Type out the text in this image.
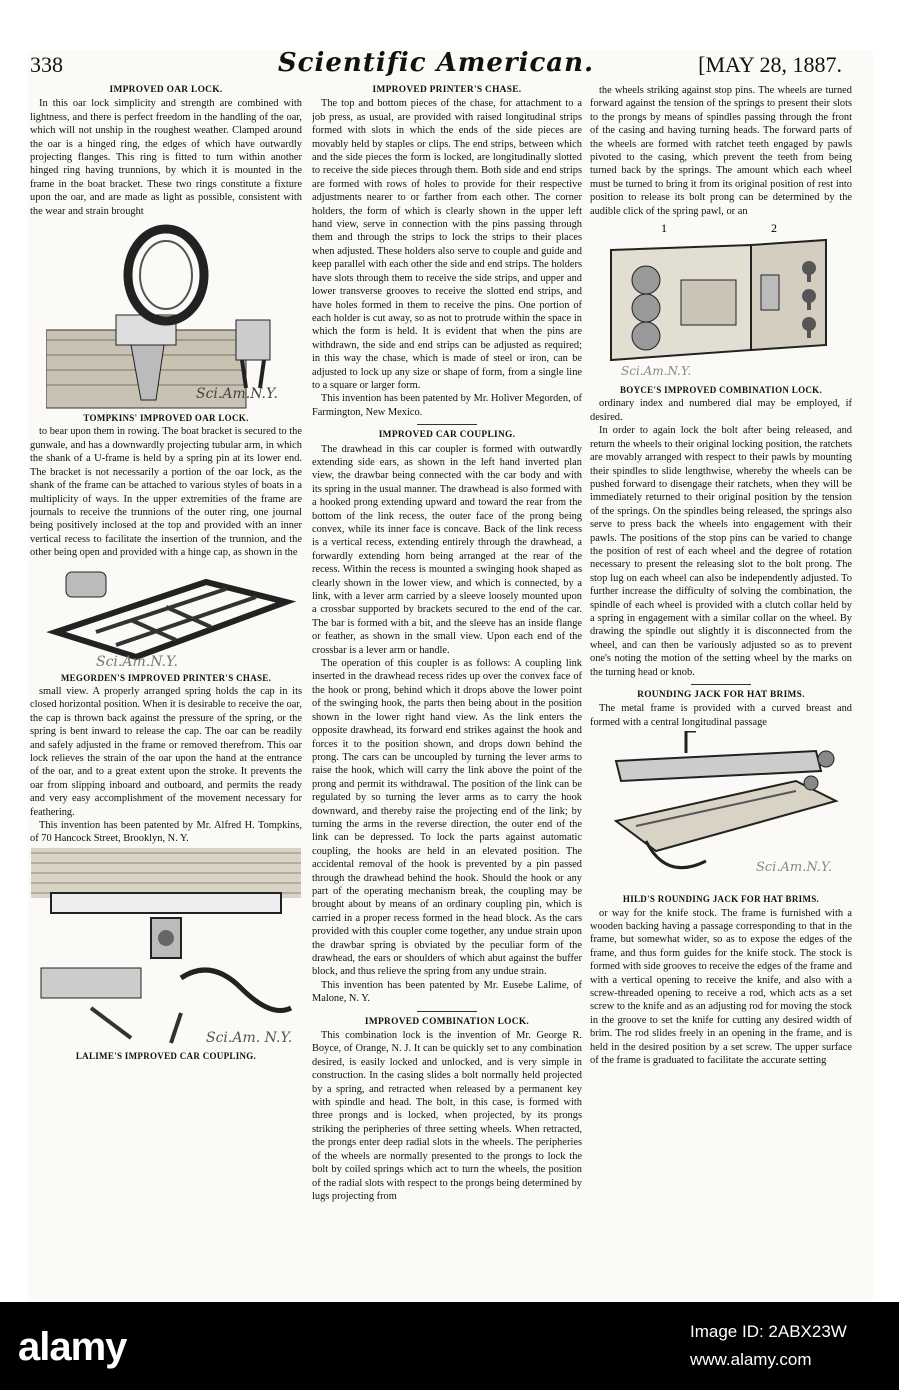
338	Scientific American.	[MAY 28, 1887.

IMPROVED OAR LOCK.

In this oar lock simplicity and strength are combined with lightness, and there is perfect freedom in the handling of the oar, which will not unship in the roughest weather. Clamped around the oar is a hinged ring, the edges of which have outwardly projecting flanges. This ring is fitted to turn within another hinged ring having trunnions, by which it is mounted in the frame in the boat bracket. These two rings constitute a fixture upon the oar, and are made as light as possible, consistent with the wear and strain brought

Sci.Am.N.Y.

TOMPKINS' IMPROVED OAR LOCK.

to bear upon them in rowing. The boat bracket is secured to the gunwale, and has a downwardly projecting tubular arm, in which the shank of a U-frame is held by a spring pin at its lower end. The bracket is not necessarily a portion of the oar lock, as the shank of the frame can be attached to various styles of boats in a multiplicity of ways. In the upper extremities of the frame are journals to receive the trunnions of the outer ring, one journal being positively inclosed at the top and provided with an inner vertical recess to facilitate the insertion of the trunnion, and the other being open and provided with a hinge cap, as shown in the

Sci.Am.N.Y.

MEGORDEN'S IMPROVED PRINTER'S CHASE.

small view. A properly arranged spring holds the cap in its closed horizontal position. When it is desirable to receive the oar, the cap is thrown back against the pressure of the spring, or the spring is bent inward to release the cap. The oar can be readily and safely adjusted in the frame or removed therefrom. This oar lock relieves the strain of the oar upon the hand at the entrance of the oar, and to a great extent upon the stroke. It prevents the oar from slipping inboard and outboard, and permits the ready and very easy accomplishment of the movement necessary for feathering.

This invention has been patented by Mr. Alfred H. Tompkins, of 70 Hancock Street, Brooklyn, N. Y.

Sci.Am. N.Y.

LALIME'S IMPROVED CAR COUPLING.

IMPROVED PRINTER'S CHASE.

The top and bottom pieces of the chase, for attachment to a job press, as usual, are provided with raised longitudinal strips formed with slots in which the ends of the side pieces are movably held by staples or clips. The end strips, between which and the side pieces the form is locked, are longitudinally slotted to receive the side pieces through them. Both side and end strips are formed with rows of holes to provide for their respective adjustments nearer to or farther from each other. The corner holders, the form of which is clearly shown in the upper left hand view, serve in connection with the pins passing through them and through the strips to lock the strips to their places when adjusted. These holders also serve to couple and guide and keep parallel with each other the side and end strips. The holders have slots through them to receive the side strips, and upper and lower transverse grooves to receive the slotted end strips, and have holes formed in them to receive the pins. One portion of each holder is cut away, so as not to protrude within the space in which the form is held. It is evident that when the pins are withdrawn, the side and end strips can be adjusted as required; in this way the chase, which is made of steel or iron, can be adjusted to lock up any size or shape of form, from a single line to a square or larger form.

This invention has been patented by Mr. Holiver Megorden, of Farmington, New Mexico.

IMPROVED CAR COUPLING.

The drawhead in this car coupler is formed with outwardly extending side ears, as shown in the left hand inverted plan view, the drawbar being connected with the car body and with its spring in the usual manner. The drawhead is also formed with a hooked prong extending upward and toward the rear from the bottom of the link recess, the outer face of the prong being convex, while its inner face is concave. Back of the link recess is a vertical recess, extending entirely through the drawhead, a forwardly extending horn being arranged at the rear of the recess. Within the recess is mounted a swinging hook shaped as clearly shown in the lower view, and which is connected, by a link, with a lever arm carried by a sleeve loosely mounted upon a crossbar supported by brackets secured to the end of the car. The bar is formed with a bit, and the sleeve has an inside flange or feather, as shown in the small view. Upon each end of the crossbar is a lever arm or handle.

The operation of this coupler is as follows: A coupling link inserted in the drawhead recess rides up over the convex face of the hook or prong, behind which it drops above the lower point of the swinging hook, the parts then being about in the position shown in the lower right hand view. As the link enters the opposite drawhead, its forward end strikes against the hook and forces it to the position shown, and drops down behind the prong. The cars can be uncoupled by turning the lever arms to raise the hook, which will carry the link above the point of the prong and permit its withdrawal. The position of the link can be regulated by so turning the lever arms as to carry the hook downward, and thereby raise the projecting end of the link; by turning the arms in the reverse direction, the outer end of the link can be depressed. To lock the parts against automatic coupling, the hooks are held in an elevated position. The accidental removal of the hook is prevented by a pin passed through the drawhead behind the hook. Should the hook or any part of the operating mechanism break, the coupling may be brought about by means of an ordinary coupling pin, which is carried in a proper recess formed in the head block. As the cars provided with this coupler come together, any undue strain upon the drawbar spring is obviated by the peculiar form of the drawhead, the ears or shoulders of which abut against the buffer block, and thus relieve the spring from any undue strain.

This invention has been patented by Mr. Eusebe Lalime, of Malone, N. Y.

IMPROVED COMBINATION LOCK.

This combination lock is the invention of Mr. George R. Boyce, of Orange, N. J. It can be quickly set to any combination desired, is easily locked and unlocked, and is very simple in construction. In the casing slides a bolt normally held projected by a spring, and retracted when released by a permanent key with spindle and head. The bolt, in this case, is formed with three prongs and is locked, when projected, by its prongs striking the peripheries of three setting wheels. When retracted, the prongs enter deep radial slots in the wheels. The peripheries of the wheels are normally presented to the prongs to lock the bolt by coiled springs which act to turn the wheels, the position of the radial slots with respect to the prongs being determined by lugs projecting from

the wheels striking against stop pins. The wheels are turned forward against the tension of the springs to present their slots to the prongs by means of spindles passing through the front of the casing and having turning heads. The forward parts of the wheels are formed with ratchet teeth engaged by pawls pivoted to the casing, which prevent the teeth from being turned back by the springs. The amount which each wheel must be turned to bring it from its original position of rest into position to release its bolt prong can be determined by the audible click of the spring pawl, or an

1	2
Sci.Am.N.Y.

BOYCE'S IMPROVED COMBINATION LOCK.

ordinary index and numbered dial may be employed, if desired.

In order to again lock the bolt after being released, and return the wheels to their original locking position, the ratchets are movably arranged with respect to their pawls by mounting their spindles to slide lengthwise, whereby the wheels can be pushed forward to disengage their ratchets, when they will be immediately returned to their original position by the tension of the springs. On the spindles being released, the springs also serve to press back the wheels into engagement with their pawls. The positions of the stop pins can be varied to change the position of rest of each wheel and the degree of rotation necessary to present the releasing slot to the bolt prong. The stop lug on each wheel can also be independently adjusted. To further increase the difficulty of solving the combination, the spindle of each wheel is provided with a clutch collar held by a spring in engagement with a similar collar on the wheel. By drawing the spindle out slightly it is disconnected from the wheel, and can then be variously adjusted so as to prevent one's noting the motion of the setting wheel by the marks on the turning head or knob.

ROUNDING JACK FOR HAT BRIMS.

The metal frame is provided with a curved breast and formed with a central longitudinal passage

Sci.Am.N.Y.

HILD'S ROUNDING JACK FOR HAT BRIMS.

or way for the knife stock. The frame is furnished with a wooden backing having a passage corresponding to that in the frame, but somewhat wider, so as to expose the edges of the frame, and thus form guides for the knife stock. The stock is formed with side grooves to receive the edges of the frame and with a vertical opening to receive the knife, and also with a screw-threaded opening to receive a rod, which acts as a set screw to the knife and as an adjusting rod for moving the stock in the groove to set the knife for cutting any desired width of brim. The rod slides freely in an opening in the frame, and is held in the desired position by a set screw. The upper surface of the frame is graduated to facilitate the accurate setting

alamy	Image ID: 2ABX23W
www.alamy.com
